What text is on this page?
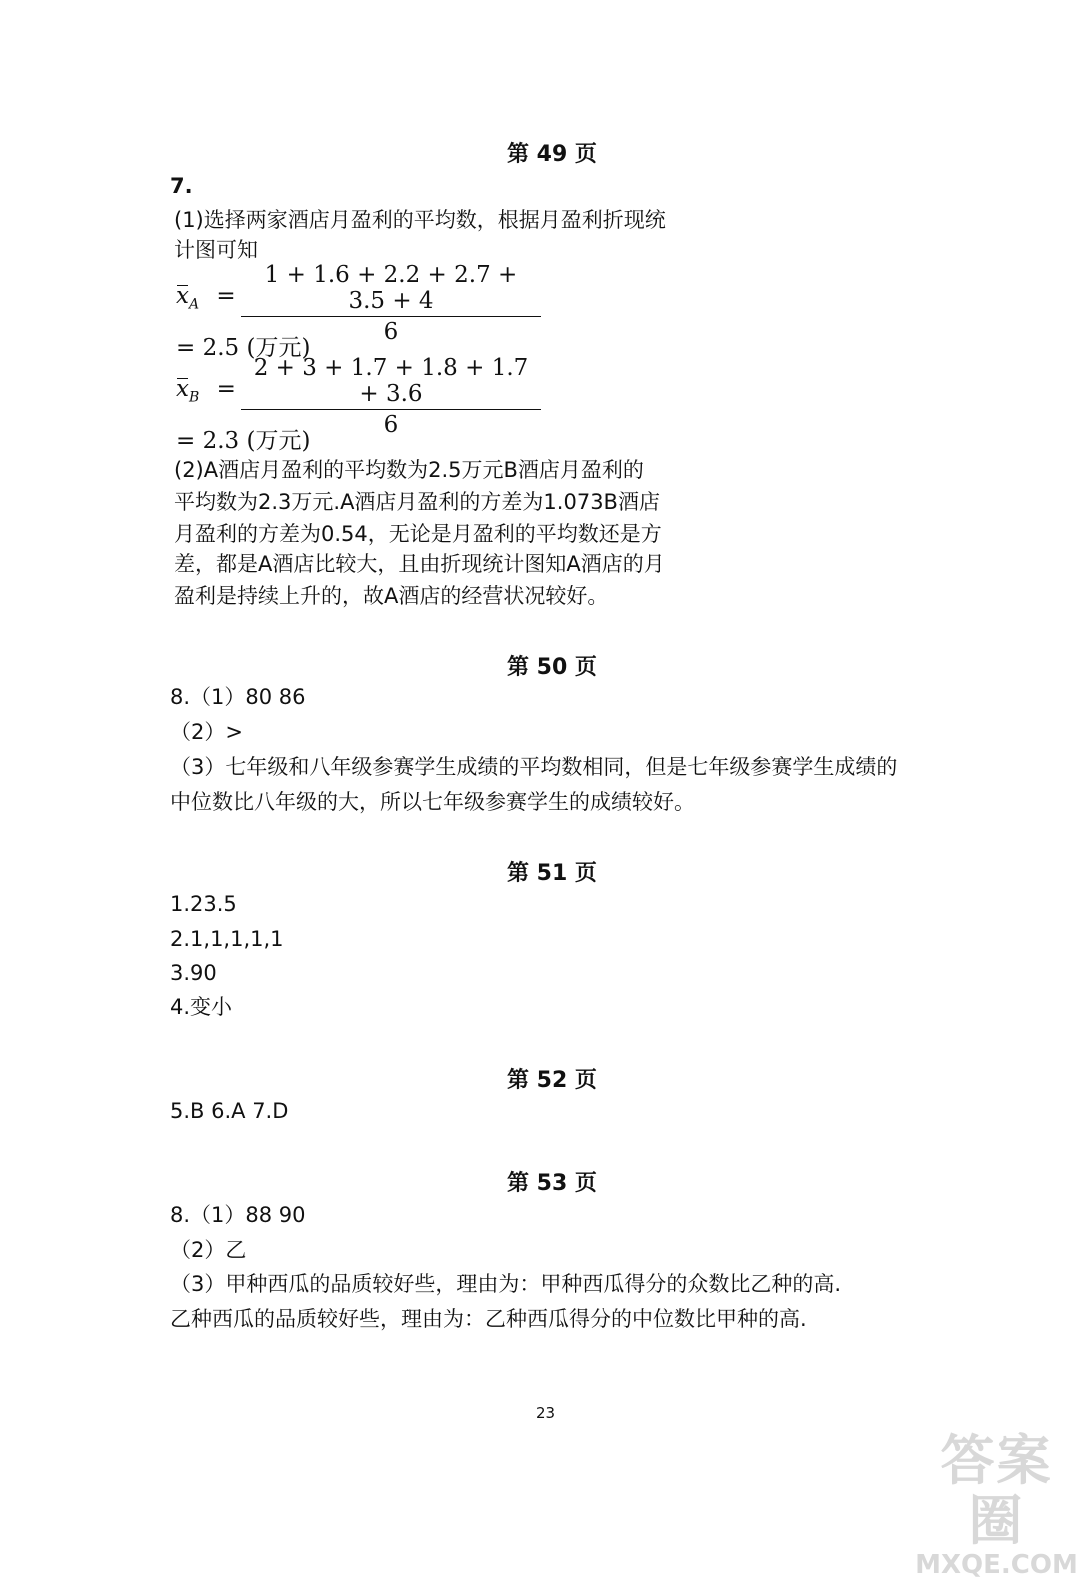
第 49 页
7.
(1)选择两家酒店月盈利的平均数，根据月盈利折现统
计图可知
$x_A$ =
1 + 1.6 + 2.2 + 2.7 + 3.5 + 4
6
= 2.5 (万元)
$x_B$ =
2 + 3 + 1.7 + 1.8 + 1.7 + 3.6
6
= 2.3 (万元)
(2)A酒店月盈利的平均数为2.5万元B酒店月盈利的
平均数为2.3万元.A酒店月盈利的方差为1.073B酒店
月盈利的方差为0.54，无论是月盈利的平均数还是方
差，都是A酒店比较大，且由折现统计图知A酒店的月
盈利是持续上升的，故A酒店的经营状况较好。
第 50 页
8.（1）80 86
（2）>
（3）七年级和八年级参赛学生成绩的平均数相同，但是七年级参赛学生成绩的
中位数比八年级的大，所以七年级参赛学生的成绩较好。
第 51 页
1.23.5
2.1,1,1,1,1
3.90
4.变小
第 52 页
5.B 6.A 7.D
第 53 页
8.（1）88 90
（2）乙
（3）甲种西瓜的品质较好些，理由为：甲种西瓜得分的众数比乙种的高.
乙种西瓜的品质较好些，理由为：乙种西瓜得分的中位数比甲种的高.
23
答案圈
MXQE.COM
